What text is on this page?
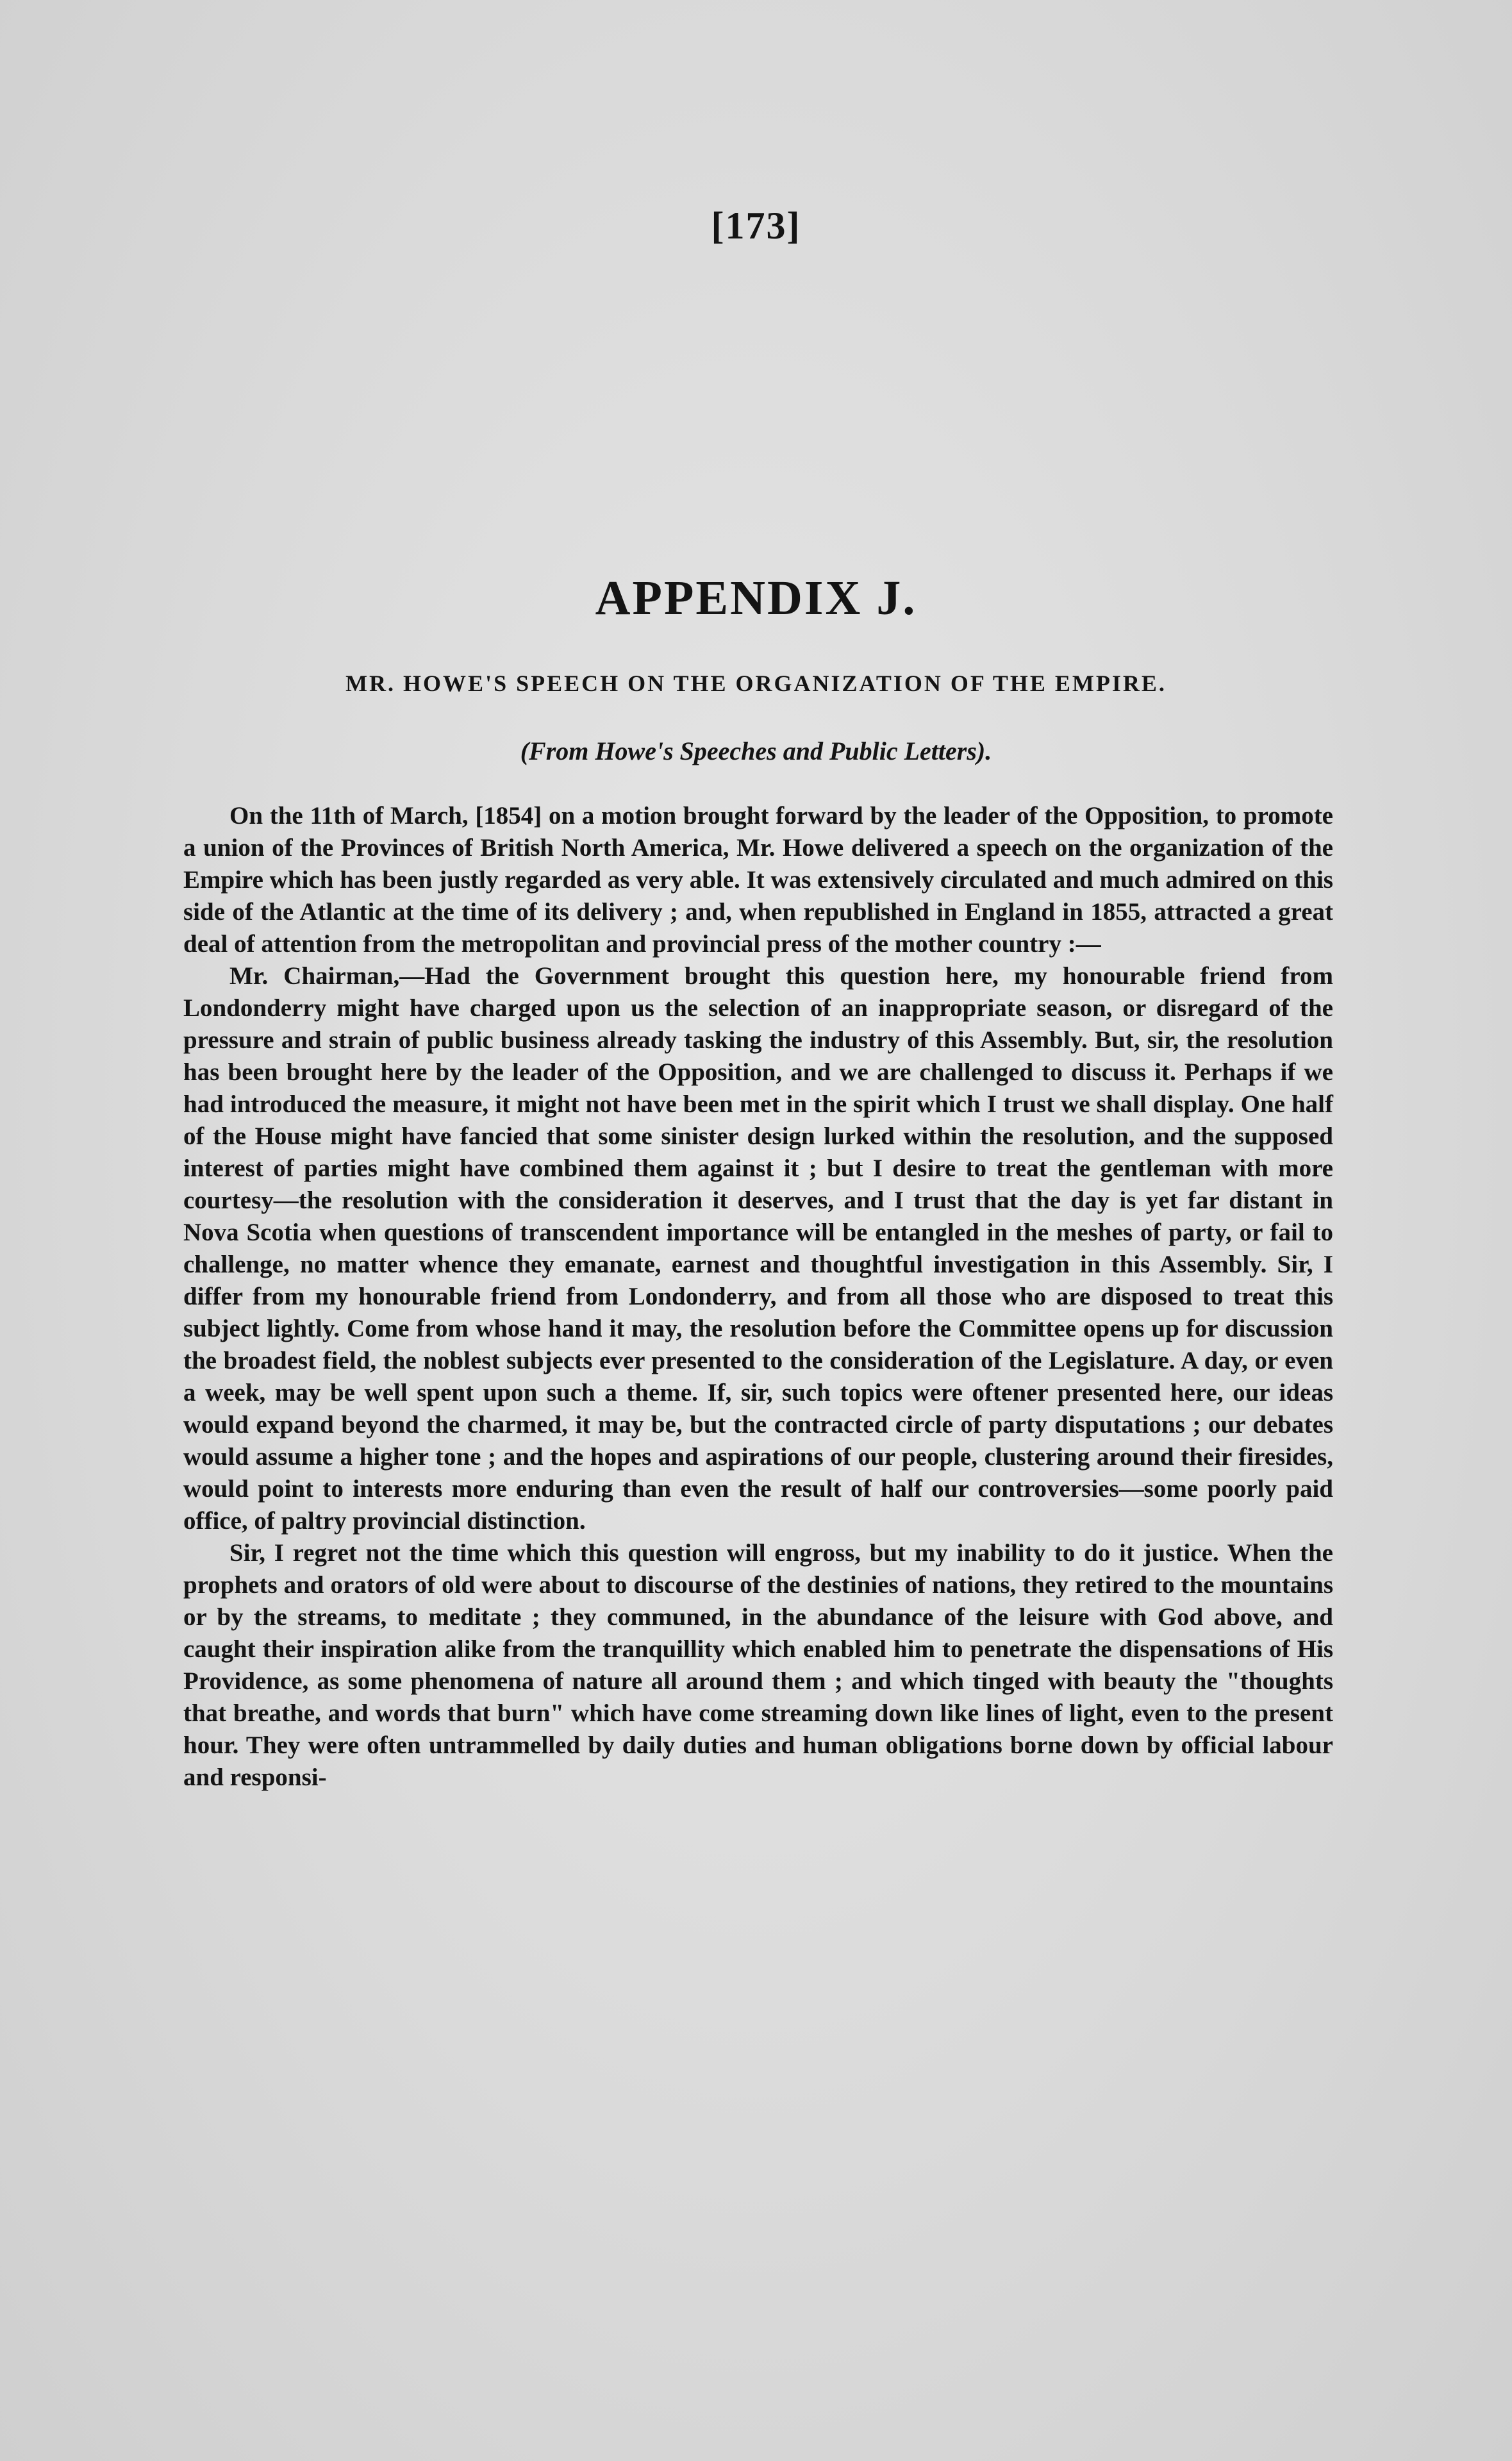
[173]
APPENDIX J.
MR. HOWE'S SPEECH ON THE ORGANIZATION OF THE EMPIRE.
(From Howe's Speeches and Public Letters).

On the 11th of March, [1854] on a motion brought forward by the leader of the Opposition, to promote a union of the Provinces of British North America, Mr. Howe delivered a speech on the organization of the Empire which has been justly regarded as very able. It was extensively circulated and much admired on this side of the Atlantic at the time of its delivery ; and, when republished in England in 1855, attracted a great deal of attention from the metropolitan and provincial press of the mother country :—

Mr. Chairman,—Had the Government brought this question here, my honourable friend from Londonderry might have charged upon us the selection of an inappropriate season, or disregard of the pressure and strain of public business already tasking the industry of this Assembly. But, sir, the resolution has been brought here by the leader of the Opposition, and we are challenged to discuss it. Perhaps if we had introduced the measure, it might not have been met in the spirit which I trust we shall display. One half of the House might have fancied that some sinister design lurked within the resolution, and the supposed interest of parties might have combined them against it ; but I desire to treat the gentleman with more courtesy—the resolution with the consideration it deserves, and I trust that the day is yet far distant in Nova Scotia when questions of transcendent importance will be entangled in the meshes of party, or fail to challenge, no matter whence they emanate, earnest and thoughtful investigation in this Assembly. Sir, I differ from my honourable friend from Londonderry, and from all those who are disposed to treat this subject lightly. Come from whose hand it may, the resolution before the Committee opens up for discussion the broadest field, the noblest subjects ever presented to the consideration of the Legislature. A day, or even a week, may be well spent upon such a theme. If, sir, such topics were oftener presented here, our ideas would expand beyond the charmed, it may be, but the contracted circle of party disputations ; our debates would assume a higher tone ; and the hopes and aspirations of our people, clustering around their firesides, would point to interests more enduring than even the result of half our controversies—some poorly paid office, of paltry provincial distinction.

Sir, I regret not the time which this question will engross, but my inability to do it justice. When the prophets and orators of old were about to discourse of the destinies of nations, they retired to the mountains or by the streams, to meditate ; they communed, in the abundance of the leisure with God above, and caught their inspiration alike from the tranquillity which enabled him to penetrate the dispensations of His Providence, as some phenomena of nature all around them ; and which tinged with beauty the "thoughts that breathe, and words that burn" which have come streaming down like lines of light, even to the present hour. They were often untrammelled by daily duties and human obligations borne down by official labour and responsi-
